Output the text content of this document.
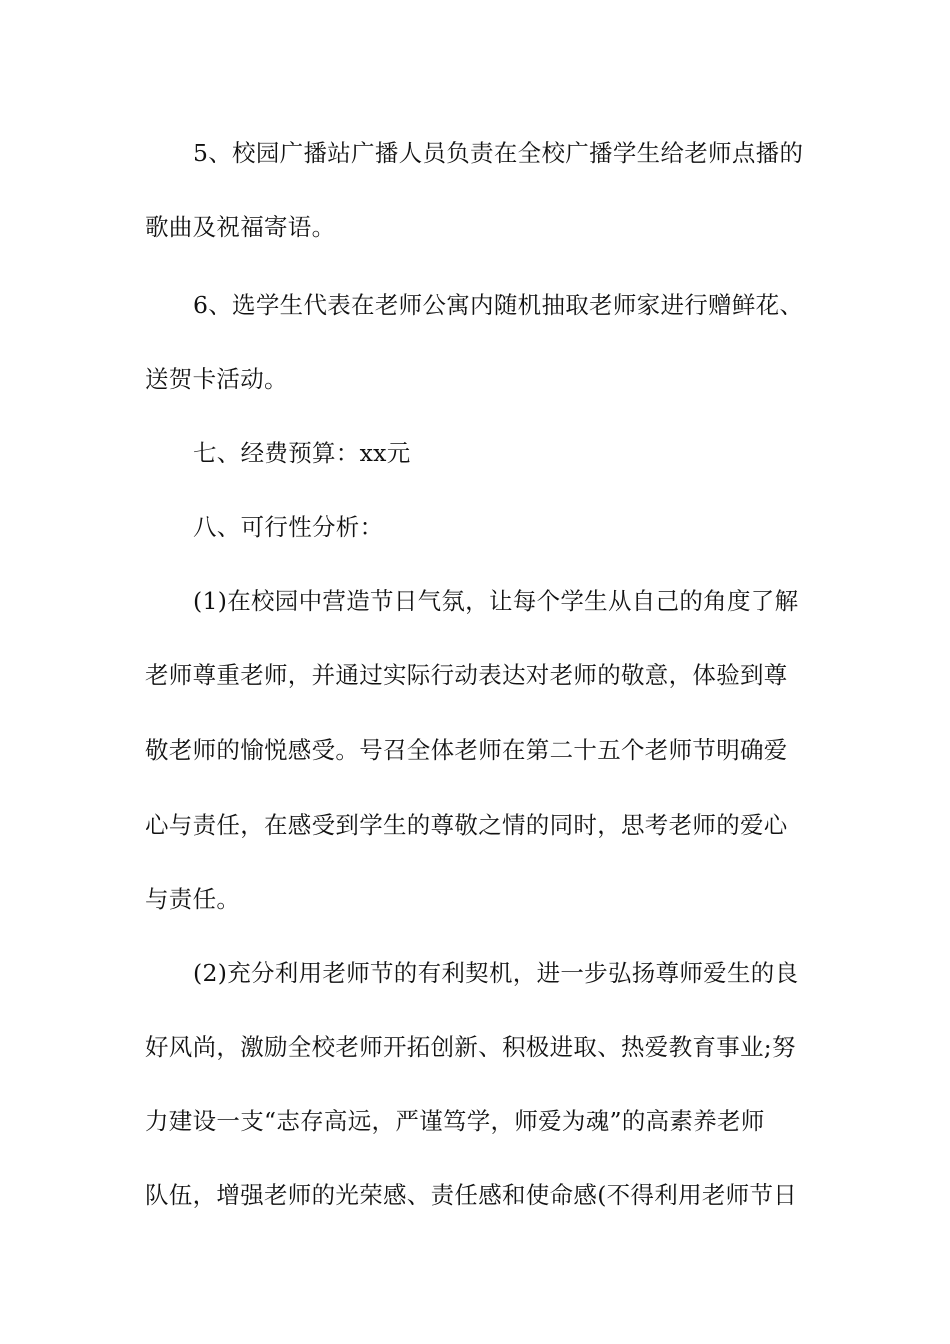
5、校园广播站广播人员负责在全校广播学生给老师点播的
歌曲及祝福寄语。
6、选学生代表在老师公寓内随机抽取老师家进行赠鲜花、
送贺卡活动。
七、经费预算：xx元
八、可行性分析：
(1)在校园中营造节日气氛，让每个学生从自己的角度了解
老师尊重老师，并通过实际行动表达对老师的敬意，体验到尊
敬老师的愉悦感受。号召全体老师在第二十五个老师节明确爱
心与责任，在感受到学生的尊敬之情的同时，思考老师的爱心
与责任。
(2)充分利用老师节的有利契机，进一步弘扬尊师爱生的良
好风尚，激励全校老师开拓创新、积极进取、热爱教育事业;努
力建设一支“志存高远，严谨笃学，师爱为魂”的高素养老师
队伍，增强老师的光荣感、责任感和使命感(不得利用老师节日
